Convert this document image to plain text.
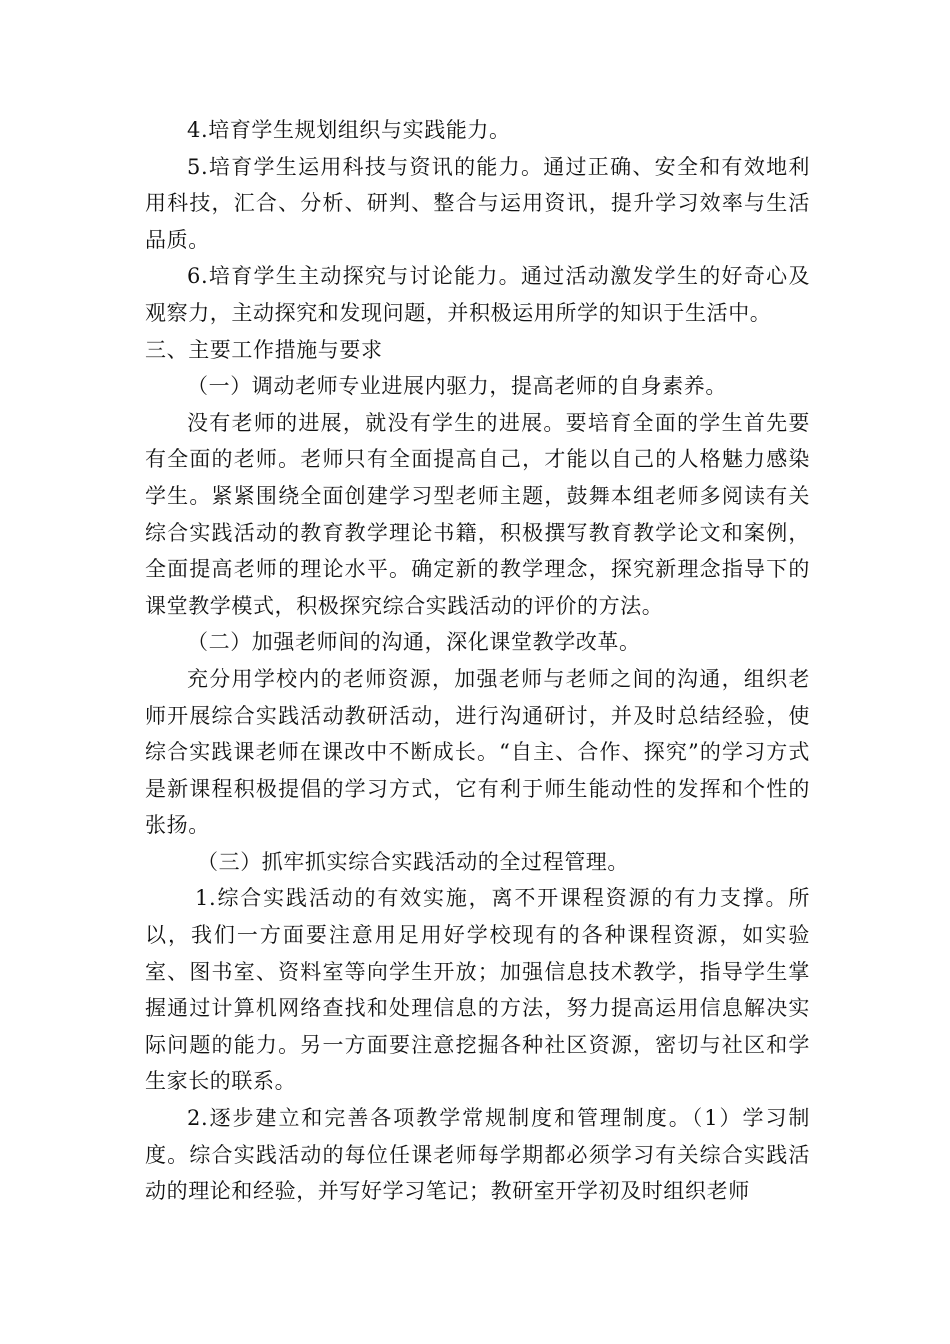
4.培育学生规划组织与实践能力。

5.培育学生运用科技与资讯的能力。通过正确、安全和有效地利用科技，汇合、分析、研判、整合与运用资讯，提升学习效率与生活品质。

6.培育学生主动探究与讨论能力。通过活动激发学生的好奇心及观察力，主动探究和发现问题，并积极运用所学的知识于生活中。

三、主要工作措施与要求

（一）调动老师专业进展内驱力，提高老师的自身素养。

没有老师的进展，就没有学生的进展。要培育全面的学生首先要有全面的老师。老师只有全面提高自己，才能以自己的人格魅力感染学生。紧紧围绕全面创建学习型老师主题，鼓舞本组老师多阅读有关综合实践活动的教育教学理论书籍，积极撰写教育教学论文和案例，全面提高老师的理论水平。确定新的教学理念，探究新理念指导下的课堂教学模式，积极探究综合实践活动的评价的方法。

（二）加强老师间的沟通，深化课堂教学改革。

充分用学校内的老师资源，加强老师与老师之间的沟通，组织老师开展综合实践活动教研活动，进行沟通研讨，并及时总结经验，使综合实践课老师在课改中不断成长。“自主、合作、探究”的学习方式是新课程积极提倡的学习方式，它有利于师生能动性的发挥和个性的张扬。

（三）抓牢抓实综合实践活动的全过程管理。

1.综合实践活动的有效实施，离不开课程资源的有力支撑。所以，我们一方面要注意用足用好学校现有的各种课程资源，如实验室、图书室、资料室等向学生开放；加强信息技术教学，指导学生掌握通过计算机网络查找和处理信息的方法，努力提高运用信息解决实际问题的能力。另一方面要注意挖掘各种社区资源，密切与社区和学生家长的联系。

2.逐步建立和完善各项教学常规制度和管理制度。（1）学习制度。综合实践活动的每位任课老师每学期都必须学习有关综合实践活动的理论和经验，并写好学习笔记；教研室开学初及时组织老师
